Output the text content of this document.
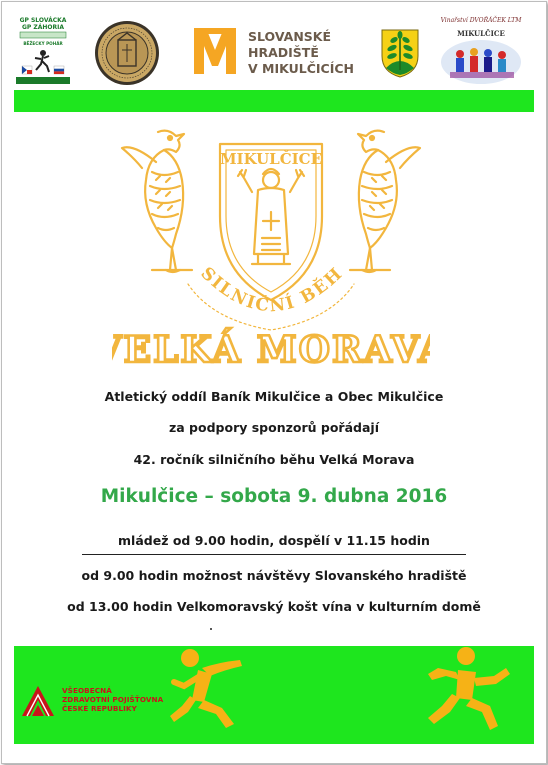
GP SLOVÁCKA
GP ZÁHORIA
BĚŽECKÝ POHÁR	SLOVANSKÉ
HRADIŠTĚ
V MIKULČICÍCH
Vinařství DVOŘÁČEK LTM
MIKULČICE
MIKULČICE
SILNIČNÍ BĚH
ELKÁ MORAVA
Atletický oddíl Baník Mikulčice a Obec Mikulčice
za podpory sponzorů pořádají
42. ročník silničního běhu Velká Morava
Mikulčice – sobota 9. dubna 2016
mládež od 9.00 hodin, dospělí v 11.15 hodin
od 9.00 hodin možnost návštěvy Slovanského hradiště
od 13.00 hodin Velkomoravský košt vína v kulturním domě
VŠEOBECNÁ
ZDRAVOTNÍ POJIŠŤOVNA
ČESKÉ REPUBLIKY
